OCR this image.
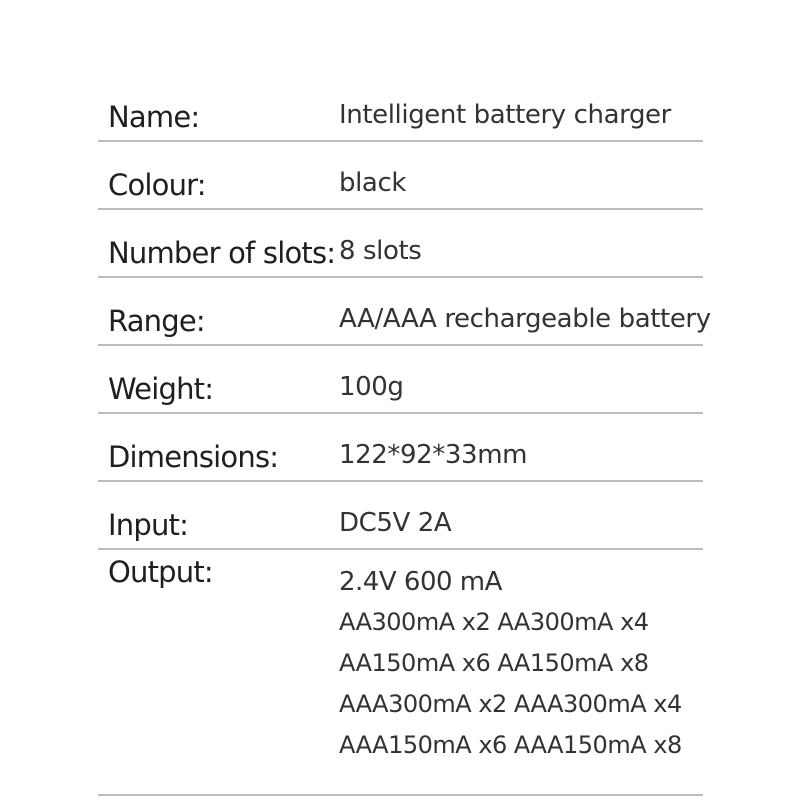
Name:	Intelligent battery charger
Colour:	black
Number of slots: 8 slots
Range:	AA/AAA rechargeable battery
Weight:	100g
Dimensions: 122*92*33mm
Input:	DC5V 2A
Output:	2.4V 600 mA
AA300mA x2 AA300mA x4
AA150mA x6 AA150mA x8
AAA300mA x2 AAA300mA x4
AAA150mA x6 AAA150mA x8
